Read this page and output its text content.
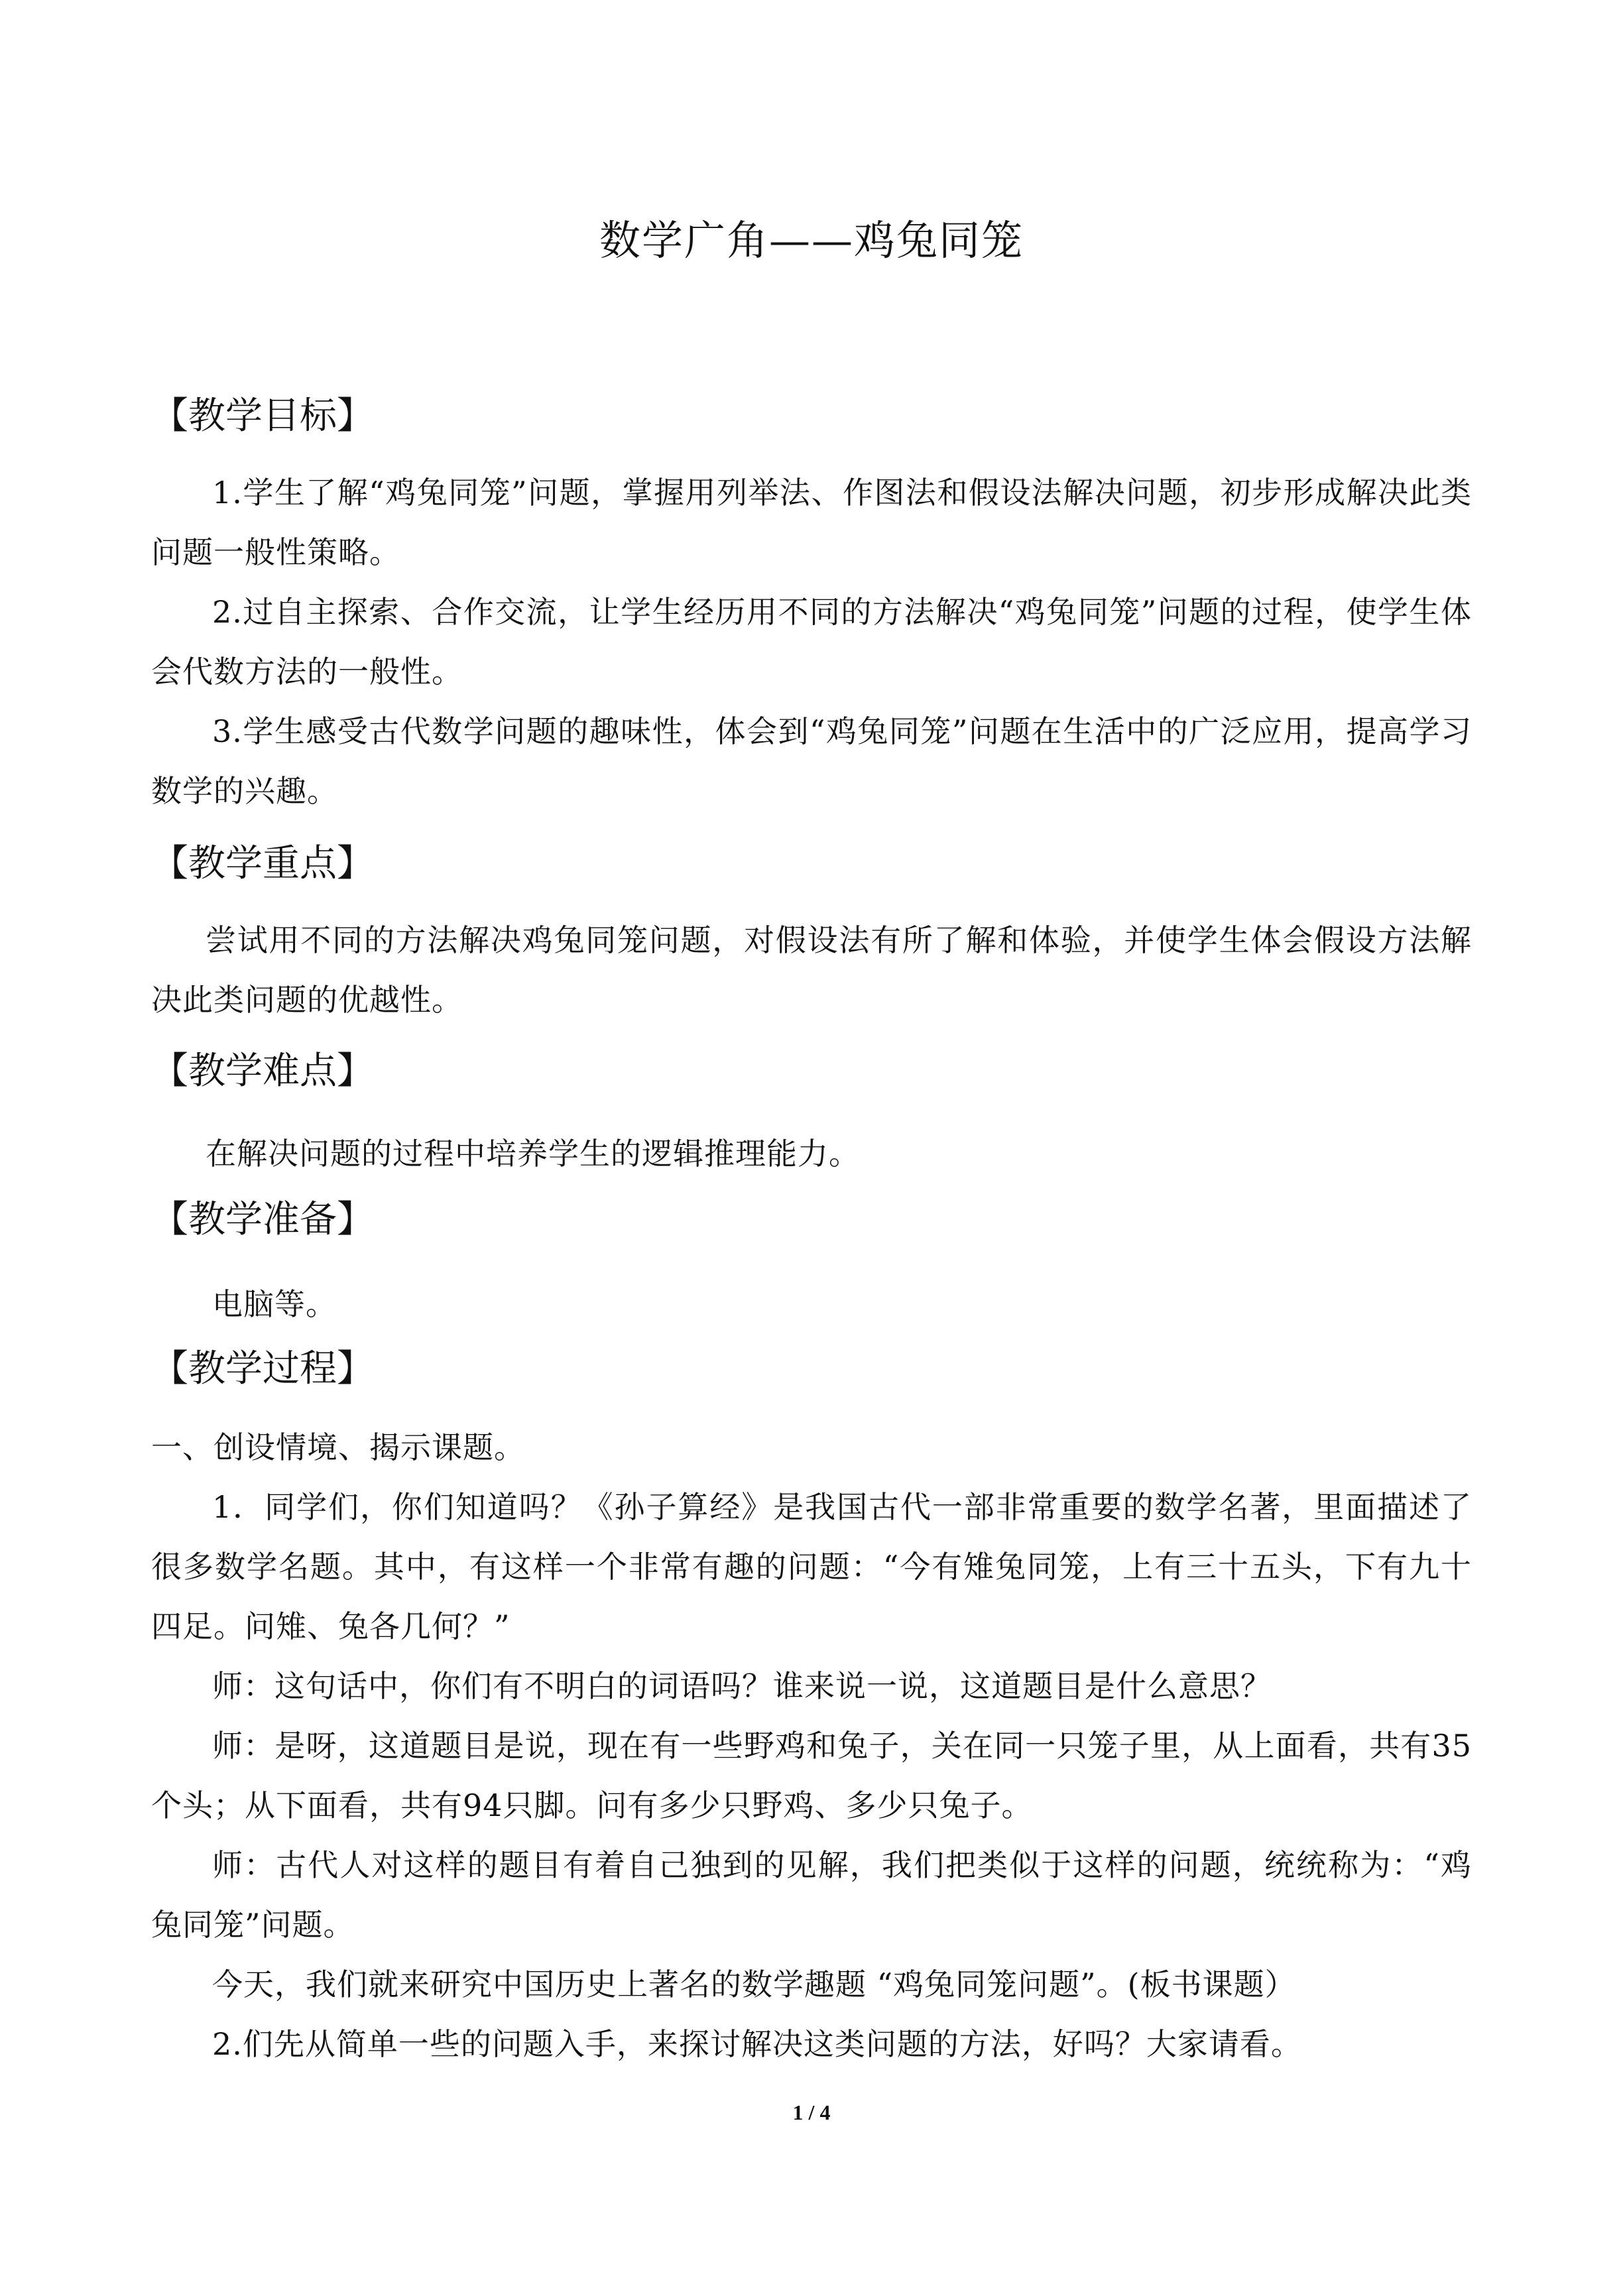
数学广角——鸡兔同笼
【教学目标】

1.学生了解“鸡兔同笼”问题，掌握用列举法、作图法和假设法解决问题，初步形成解决此类问题一般性策略。

2.过自主探索、合作交流，让学生经历用不同的方法解决“鸡兔同笼”问题的过程，使学生体会代数方法的一般性。

3.学生感受古代数学问题的趣味性，体会到“鸡兔同笼”问题在生活中的广泛应用，提高学习数学的兴趣。

【教学重点】

尝试用不同的方法解决鸡兔同笼问题，对假设法有所了解和体验，并使学生体会假设方法解决此类问题的优越性。

【教学难点】

在解决问题的过程中培养学生的逻辑推理能力。

【教学准备】

电脑等。

【教学过程】

一、创设情境、揭示课题。

1．同学们，你们知道吗？《孙子算经》是我国古代一部非常重要的数学名著，里面描述了很多数学名题。其中，有这样一个非常有趣的问题：“今有雉兔同笼，上有三十五头，下有九十四足。问雉、兔各几何？”

师：这句话中，你们有不明白的词语吗？谁来说一说，这道题目是什么意思？

师：是呀，这道题目是说，现在有一些野鸡和兔子，关在同一只笼子里，从上面看，共有35个头；从下面看，共有94只脚。问有多少只野鸡、多少只兔子。

师：古代人对这样的题目有着自己独到的见解，我们把类似于这样的问题，统统称为：“鸡兔同笼”问题。

今天，我们就来研究中国历史上著名的数学趣题 “鸡兔同笼问题”。(板书课题）

2.们先从简单一些的问题入手，来探讨解决这类问题的方法，好吗？大家请看。

1 / 4
